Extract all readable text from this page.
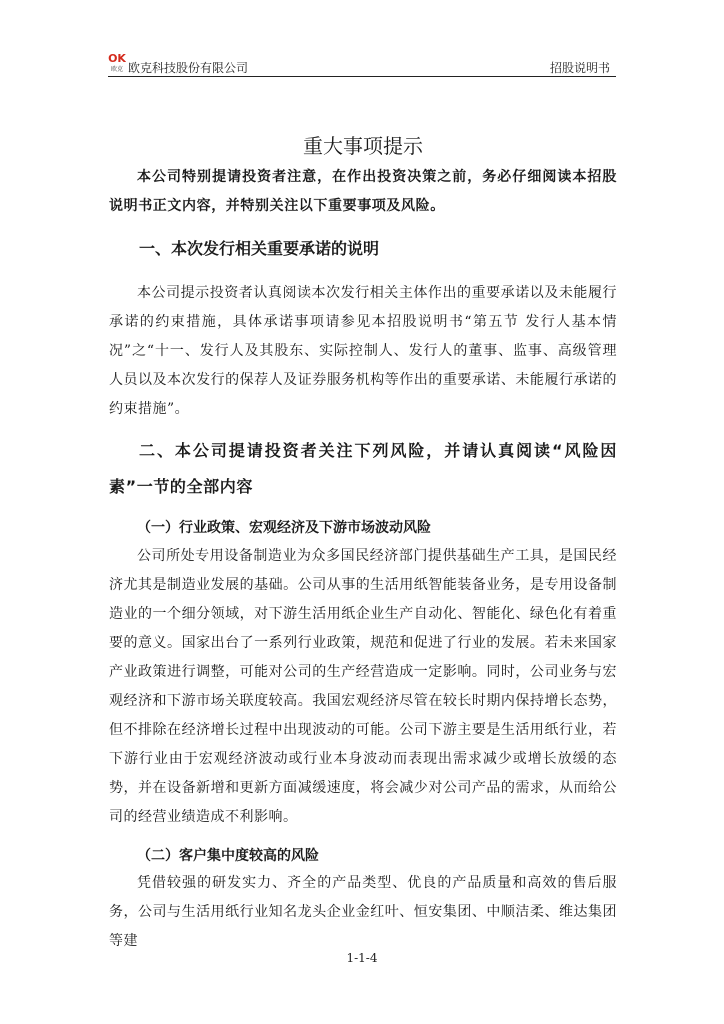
OK
欧克 欧克科技股份有限公司	招股说明书
重大事项提示

本公司特别提请投资者注意，在作出投资决策之前，务必仔细阅读本招股说明书正文内容，并特别关注以下重要事项及风险。

一、本次发行相关重要承诺的说明

本公司提示投资者认真阅读本次发行相关主体作出的重要承诺以及未能履行承诺的约束措施，具体承诺事项请参见本招股说明书“第五节 发行人基本情况”之“十一、发行人及其股东、实际控制人、发行人的董事、监事、高级管理人员以及本次发行的保荐人及证券服务机构等作出的重要承诺、未能履行承诺的约束措施”。

二、本公司提请投资者关注下列风险，并请认真阅读“风险因素”一节的全部内容
（一）行业政策、宏观经济及下游市场波动风险

公司所处专用设备制造业为众多国民经济部门提供基础生产工具，是国民经济尤其是制造业发展的基础。公司从事的生活用纸智能装备业务，是专用设备制造业的一个细分领域，对下游生活用纸企业生产自动化、智能化、绿色化有着重要的意义。国家出台了一系列行业政策，规范和促进了行业的发展。若未来国家产业政策进行调整，可能对公司的生产经营造成一定影响。同时，公司业务与宏观经济和下游市场关联度较高。我国宏观经济尽管在较长时期内保持增长态势，但不排除在经济增长过程中出现波动的可能。公司下游主要是生活用纸行业，若下游行业由于宏观经济波动或行业本身波动而表现出需求减少或增长放缓的态势，并在设备新增和更新方面减缓速度，将会减少对公司产品的需求，从而给公司的经营业绩造成不利影响。

（二）客户集中度较高的风险

凭借较强的研发实力、齐全的产品类型、优良的产品质量和高效的售后服务，公司与生活用纸行业知名龙头企业金红叶、恒安集团、中顺洁柔、维达集团等建

1-1-4
